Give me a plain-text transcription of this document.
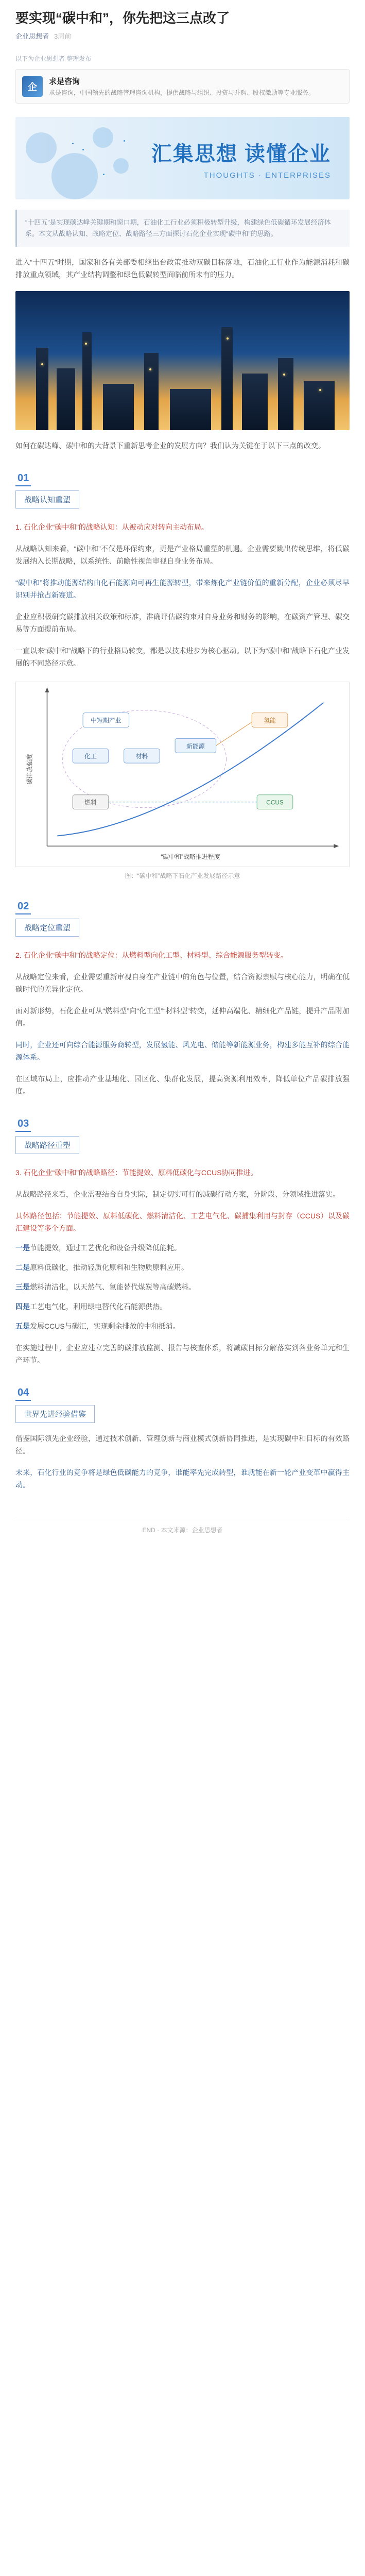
要实现“碳中和”，你先把这三点改了
企业思想者 3周前
以下为企业思想者 整理发布
企	求是咨询
求是咨询，中国领先的战略管理咨询机构，提供战略与组织、投资与并购、股权激励等专业服务。
汇集思想 读懂企业
THOUGHTS · ENTERPRISES
“十四五”是实现碳达峰关键期和窗口期，石油化工行业必须积极转型升级，构建绿色低碳循环发展经济体系。本文从战略认知、战略定位、战略路径三方面探讨石化企业实现“碳中和”的思路。
进入“十四五”时期，国家和各有关部委相继出台政策推动双碳目标落地，石油化工行业作为能源消耗和碳排放重点领域，其产业结构调整和绿色低碳转型面临前所未有的压力。
如何在碳达峰、碳中和的大背景下重新思考企业的发展方向？我们认为关键在于以下三点的改变。
01
战略认知重塑
1. 石化企业“碳中和”的战略认知：从被动应对转向主动布局。
从战略认知来看，“碳中和”不仅是环保约束，更是产业格局重塑的机遇。企业需要跳出传统思维，将低碳发展纳入长期战略，以系统性、前瞻性视角审视自身业务布局。
“碳中和”将推动能源结构由化石能源向可再生能源转型，带来炼化产业链价值的重新分配，企业必须尽早识别并抢占新赛道。
企业应积极研究碳排放相关政策和标准，准确评估碳约束对自身业务和财务的影响，在碳资产管理、碳交易等方面提前布局。
一直以来“碳中和”战略下的行业格局转变，都是以技术进步为核心驱动。以下为“碳中和”战略下石化产业发展的不同路径示意。
碳排放强度
“碳中和”战略推进程度
中短期产业
化工	材料
新能源
氢能
燃料	CCUS
图：“碳中和”战略下石化产业发展路径示意
02
战略定位重塑
2. 石化企业“碳中和”的战略定位：从燃料型向化工型、材料型、综合能源服务型转变。
从战略定位来看，企业需要重新审视自身在产业链中的角色与位置，结合资源禀赋与核心能力，明确在低碳时代的差异化定位。
面对新形势，石化企业可从“燃料型”向“化工型”“材料型”转变，延伸高端化、精细化产品链，提升产品附加值。
同时，企业还可向综合能源服务商转型，发展氢能、风光电、储能等新能源业务，构建多能互补的综合能源体系。
在区域布局上，应推动产业基地化、园区化、集群化发展，提高资源利用效率，降低单位产品碳排放强度。
03
战略路径重塑
3. 石化企业“碳中和”的战略路径：节能提效、原料低碳化与CCUS协同推进。
从战略路径来看，企业需要结合自身实际，制定切实可行的减碳行动方案，分阶段、分领域推进落实。
具体路径包括：节能提效、原料低碳化、燃料清洁化、工艺电气化、碳捕集利用与封存（CCUS）以及碳汇建设等多个方面。
一是节能提效，通过工艺优化和设备升级降低能耗。
二是原料低碳化，推动轻质化原料和生物质原料应用。
三是燃料清洁化，以天然气、氢能替代煤炭等高碳燃料。
四是工艺电气化，利用绿电替代化石能源供热。
五是发展CCUS与碳汇，实现剩余排放的中和抵消。
在实施过程中，企业应建立完善的碳排放监测、报告与核查体系，将减碳目标分解落实到各业务单元和生产环节。
04
世界先进经验借鉴
借鉴国际领先企业经验，通过技术创新、管理创新与商业模式创新协同推进，是实现碳中和目标的有效路径。
未来，石化行业的竞争将是绿色低碳能力的竞争，谁能率先完成转型，谁就能在新一轮产业变革中赢得主动。
END · 本文来源：企业思想者
